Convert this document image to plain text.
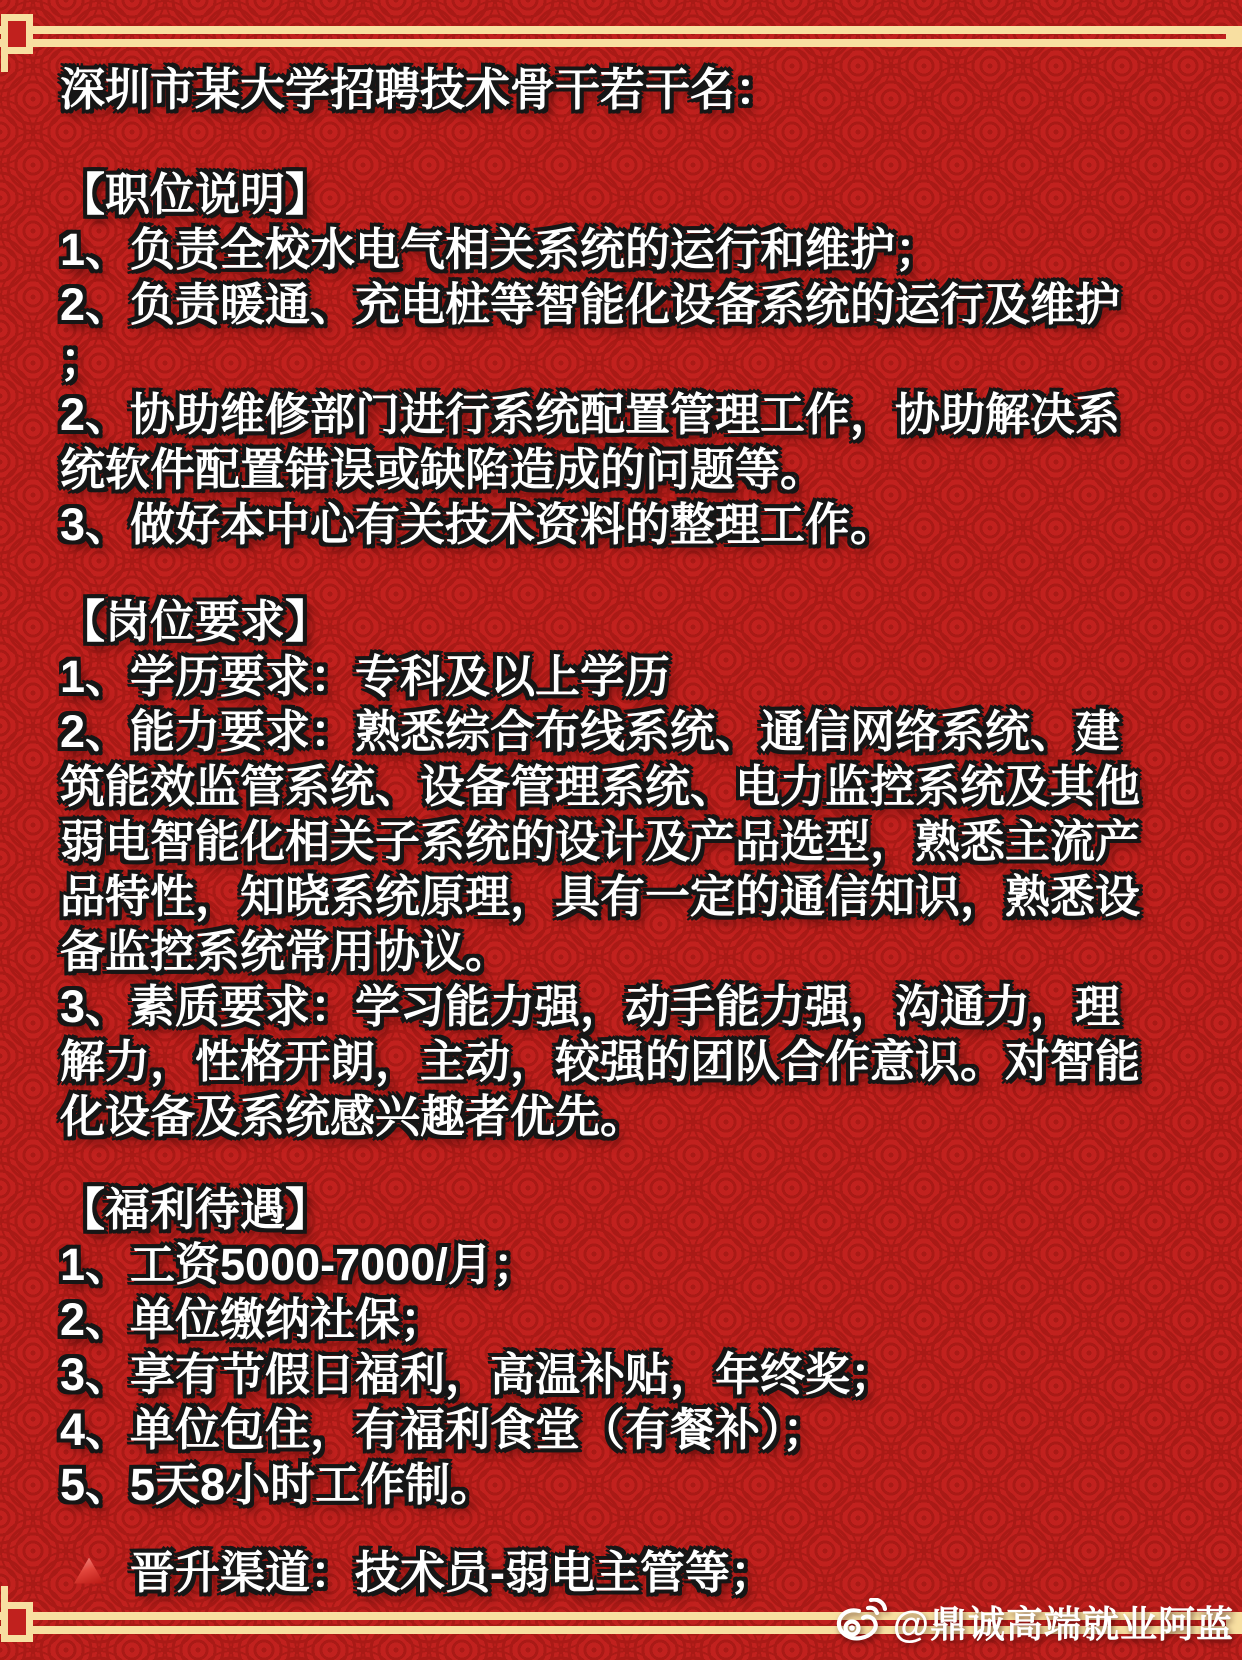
深圳市某大学招聘技术骨干若干名：
【职位说明】
1、负责全校水电气相关系统的运行和维护；
2、负责暖通、充电桩等智能化设备系统的运行及维护
；
2、协助维修部门进行系统配置管理工作，协助解决系
统软件配置错误或缺陷造成的问题等。
3、做好本中心有关技术资料的整理工作。
【岗位要求】
1、学历要求：专科及以上学历
2、能力要求：熟悉综合布线系统、通信网络系统、建
筑能效监管系统、设备管理系统、电力监控系统及其他
弱电智能化相关子系统的设计及产品选型，熟悉主流产
品特性，知晓系统原理，具有一定的通信知识，熟悉设
备监控系统常用协议。
3、素质要求：学习能力强，动手能力强，沟通力，理
解力，性格开朗，主动，较强的团队合作意识。对智能
化设备及系统感兴趣者优先。
【福利待遇】
1、工资5000-7000/月；
2、单位缴纳社保；
3、享有节假日福利，高温补贴，年终奖；
4、单位包住，有福利食堂（有餐补）；
5、5天8小时工作制。
晋升渠道：技术员-弱电主管等；
@鼎诚高端就业阿蓝
